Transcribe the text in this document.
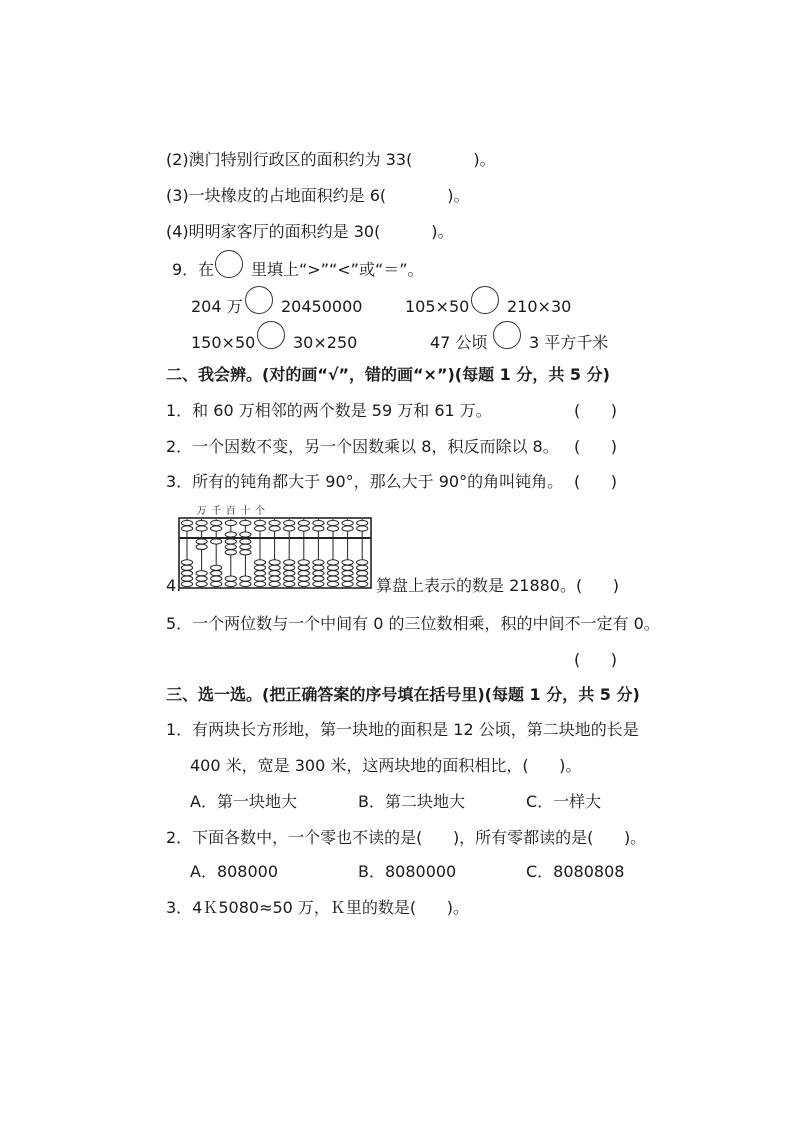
(2)澳门特别行政区的面积约为 33(            )。
(3)一块橡皮的占地面积约是 6(            )。
(4)明明家客厅的面积约是 30(          )。
9．在 里填上“>”“<”或“＝”。
204 万 20450000	105×50 210×30
150×50 30×250	47 公顷	3 平方千米
二、我会辨。(对的画“√”，错的画“×”)(每题 1 分，共 5 分)
1．和 60 万相邻的两个数是 59 万和 61 万。	(      )
2．一个因数不变，另一个因数乘以 8，积反而除以 8。 (      )
3．所有的钝角都大于 90°，那么大于 90°的角叫钝角。 (      )
万 千 百 十 个
4.	算盘上表示的数是 21880。(      )
5．一个两位数与一个中间有 0 的三位数相乘，积的中间不一定有 0。
(      )
三、选一选。(把正确答案的序号填在括号里)(每题 1 分，共 5 分)
1．有两块长方形地，第一块地的面积是 12 公顷，第二块地的长是
400 米，宽是 300 米，这两块地的面积相比，(      )。
A．第一块地大	B．第二块地大	C．一样大
2．下面各数中，一个零也不读的是(      )，所有零都读的是(      )。
A．808000	B．8080000	C．8080808
3．4Ｋ5080≈50 万，Ｋ里的数是(      )。
